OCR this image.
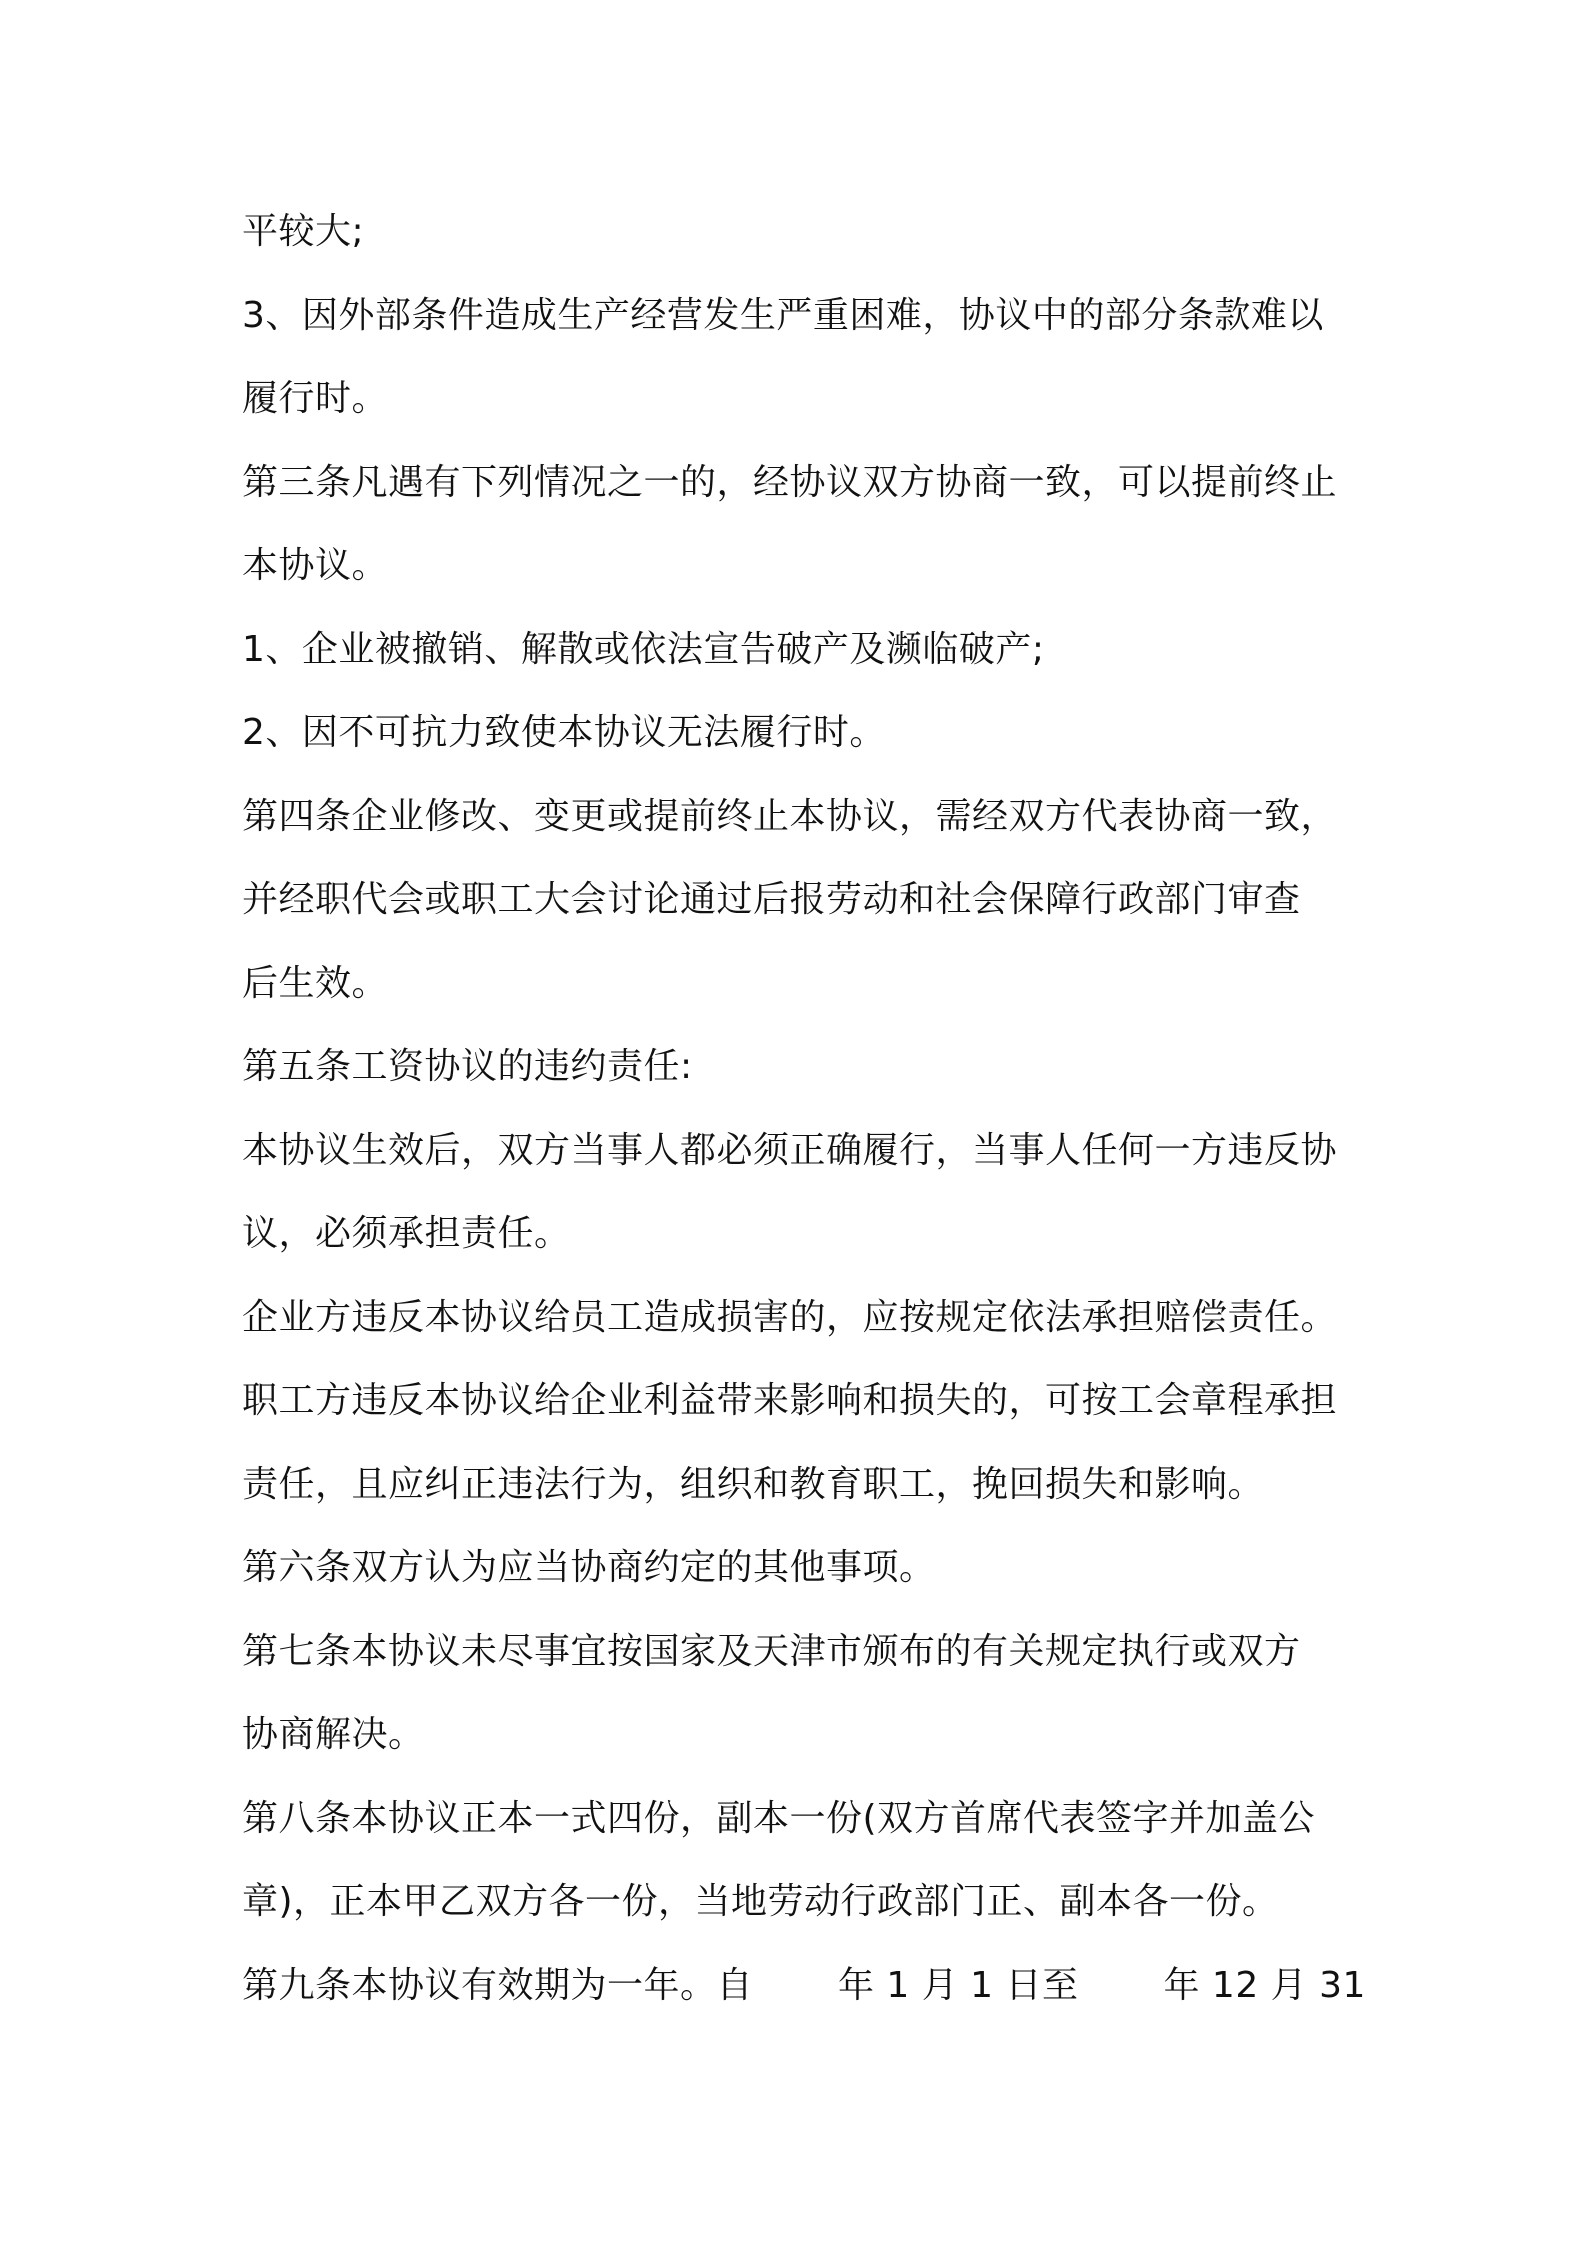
平较大;

3、因外部条件造成生产经营发生严重困难，协议中的部分条款难以

履行时。

第三条凡遇有下列情况之一的，经协议双方协商一致，可以提前终止

本协议。

1、企业被撤销、解散或依法宣告破产及濒临破产;

2、因不可抗力致使本协议无法履行时。

第四条企业修改、变更或提前终止本协议，需经双方代表协商一致，

并经职代会或职工大会讨论通过后报劳动和社会保障行政部门审查

后生效。

第五条工资协议的违约责任:

本协议生效后，双方当事人都必须正确履行，当事人任何一方违反协

议，必须承担责任。

企业方违反本协议给员工造成损害的，应按规定依法承担赔偿责任。

职工方违反本协议给企业利益带来影响和损失的，可按工会章程承担

责任，且应纠正违法行为，组织和教育职工，挽回损失和影响。

第六条双方认为应当协商约定的其他事项。

第七条本协议未尽事宜按国家及天津市颁布的有关规定执行或双方

协商解决。

第八条本协议正本一式四份，副本一份(双方首席代表签字并加盖公

章)，正本甲乙双方各一份，当地劳动行政部门正、副本各一份。

第九条本协议有效期为一年。自　　 年 1 月 1 日至　　 年 12 月 31
